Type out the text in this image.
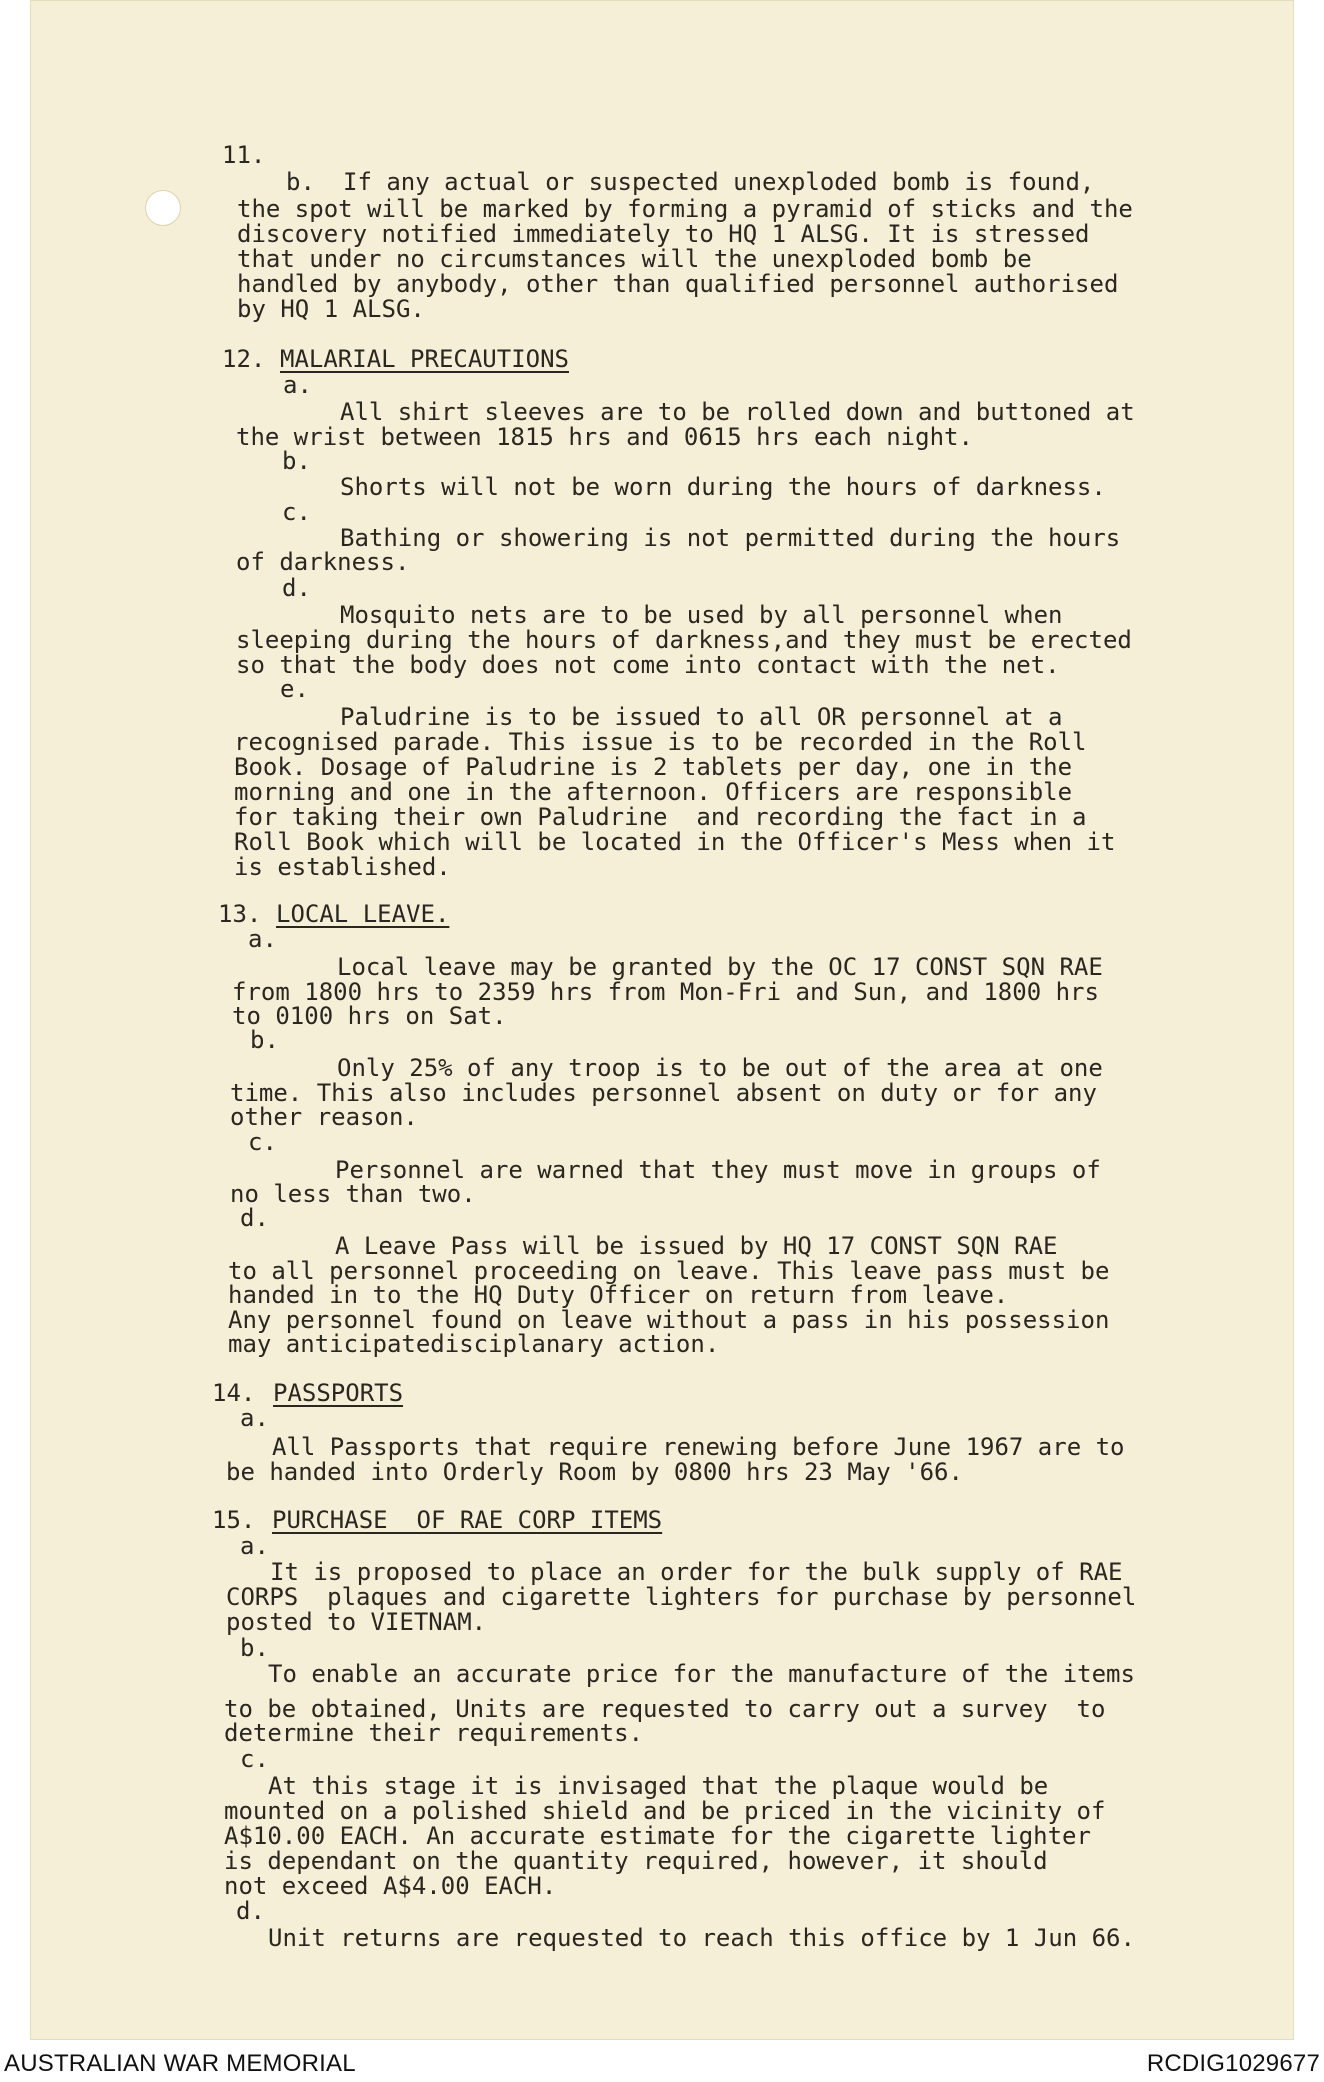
11.
b. If any actual or suspected unexploded bomb is found,
the spot will be marked by forming a pyramid of sticks and the
discovery notified immediately to HQ 1 ALSG. It is stressed
that under no circumstances will the unexploded bomb be
handled by anybody, other than qualified personnel authorised
by HQ 1 ALSG.
12. MALARIAL PRECAUTIONS
a.
All shirt sleeves are to be rolled down and buttoned at
the wrist between 1815 hrs and 0615 hrs each night.
b.
Shorts will not be worn during the hours of darkness.
c.
Bathing or showering is not permitted during the hours
of darkness.
d.
Mosquito nets are to be used by all personnel when
sleeping during the hours of darkness,and they must be erected
so that the body does not come into contact with the net.
e.
Paludrine is to be issued to all OR personnel at a
recognised parade. This issue is to be recorded in the Roll
Book. Dosage of Paludrine is 2 tablets per day, one in the
morning and one in the afternoon. Officers are responsible
for taking their own Paludrine  and recording the fact in a
Roll Book which will be located in the Officer's Mess when it
is established.
13. LOCAL LEAVE.
a.
Local leave may be granted by the OC 17 CONST SQN RAE
from 1800 hrs to 2359 hrs from Mon-Fri and Sun, and 1800 hrs
to 0100 hrs on Sat.
b.
Only 25% of any troop is to be out of the area at one
time. This also includes personnel absent on duty or for any
other reason.
c.
Personnel are warned that they must move in groups of
no less than two.
d.
A Leave Pass will be issued by HQ 17 CONST SQN RAE
to all personnel proceeding on leave. This leave pass must be
handed in to the HQ Duty Officer on return from leave.
Any personnel found on leave without a pass in his possession
may anticipatedisciplanary action.
14. PASSPORTS
a.
All Passports that require renewing before June 1967 are to
be handed into Orderly Room by 0800 hrs 23 May '66.
15. PURCHASE  OF RAE CORP ITEMS
a.
It is proposed to place an order for the bulk supply of RAE
CORPS  plaques and cigarette lighters for purchase by personnel
posted to VIETNAM.
b.
To enable an accurate price for the manufacture of the items
to be obtained, Units are requested to carry out a survey  to
determine their requirements.
c.
At this stage it is invisaged that the plaque would be
mounted on a polished shield and be priced in the vicinity of
A$10.00 EACH. An accurate estimate for the cigarette lighter
is dependant on the quantity required, however, it should
not exceed A$4.00 EACH.
d.
Unit returns are requested to reach this office by 1 Jun 66.
AUSTRALIAN WAR MEMORIAL	RCDIG1029677
